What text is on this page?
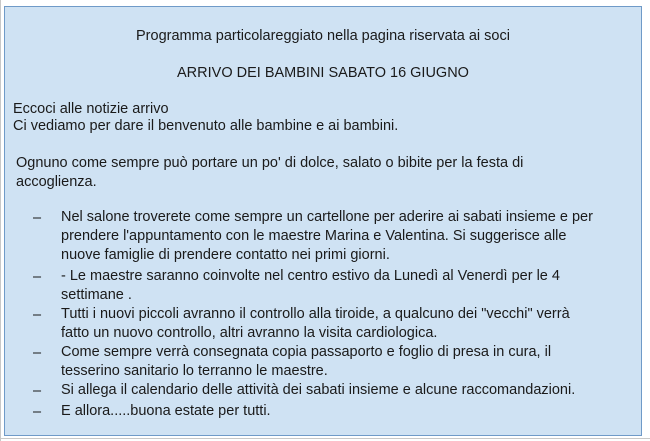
Programma particolareggiato nella pagina riservata ai soci
ARRIVO DEI BAMBINI SABATO 16 GIUGNO
Eccoci alle notizie arrivo
Ci vediamo per dare il benvenuto alle bambine e ai bambini.
Ognuno come sempre può portare un po' di dolce, salato o bibite per la festa di
accoglienza.
– Nel salone troverete come sempre un cartellone per aderire ai sabati insieme e per
prendere l'appuntamento con le maestre Marina e Valentina. Si suggerisce alle
nuove famiglie di prendere contatto nei primi giorni.
– - Le maestre saranno coinvolte nel centro estivo da Lunedì al Venerdì per le 4
settimane .
– Tutti i nuovi piccoli avranno il controllo alla tiroide, a qualcuno dei "vecchi" verrà
fatto un nuovo controllo, altri avranno la visita cardiologica.
– Come sempre verrà consegnata copia passaporto e foglio di presa in cura, il
tesserino sanitario lo terranno le maestre.
– Si allega il calendario delle attività dei sabati insieme e alcune raccomandazioni.
– E allora.....buona estate per tutti.
